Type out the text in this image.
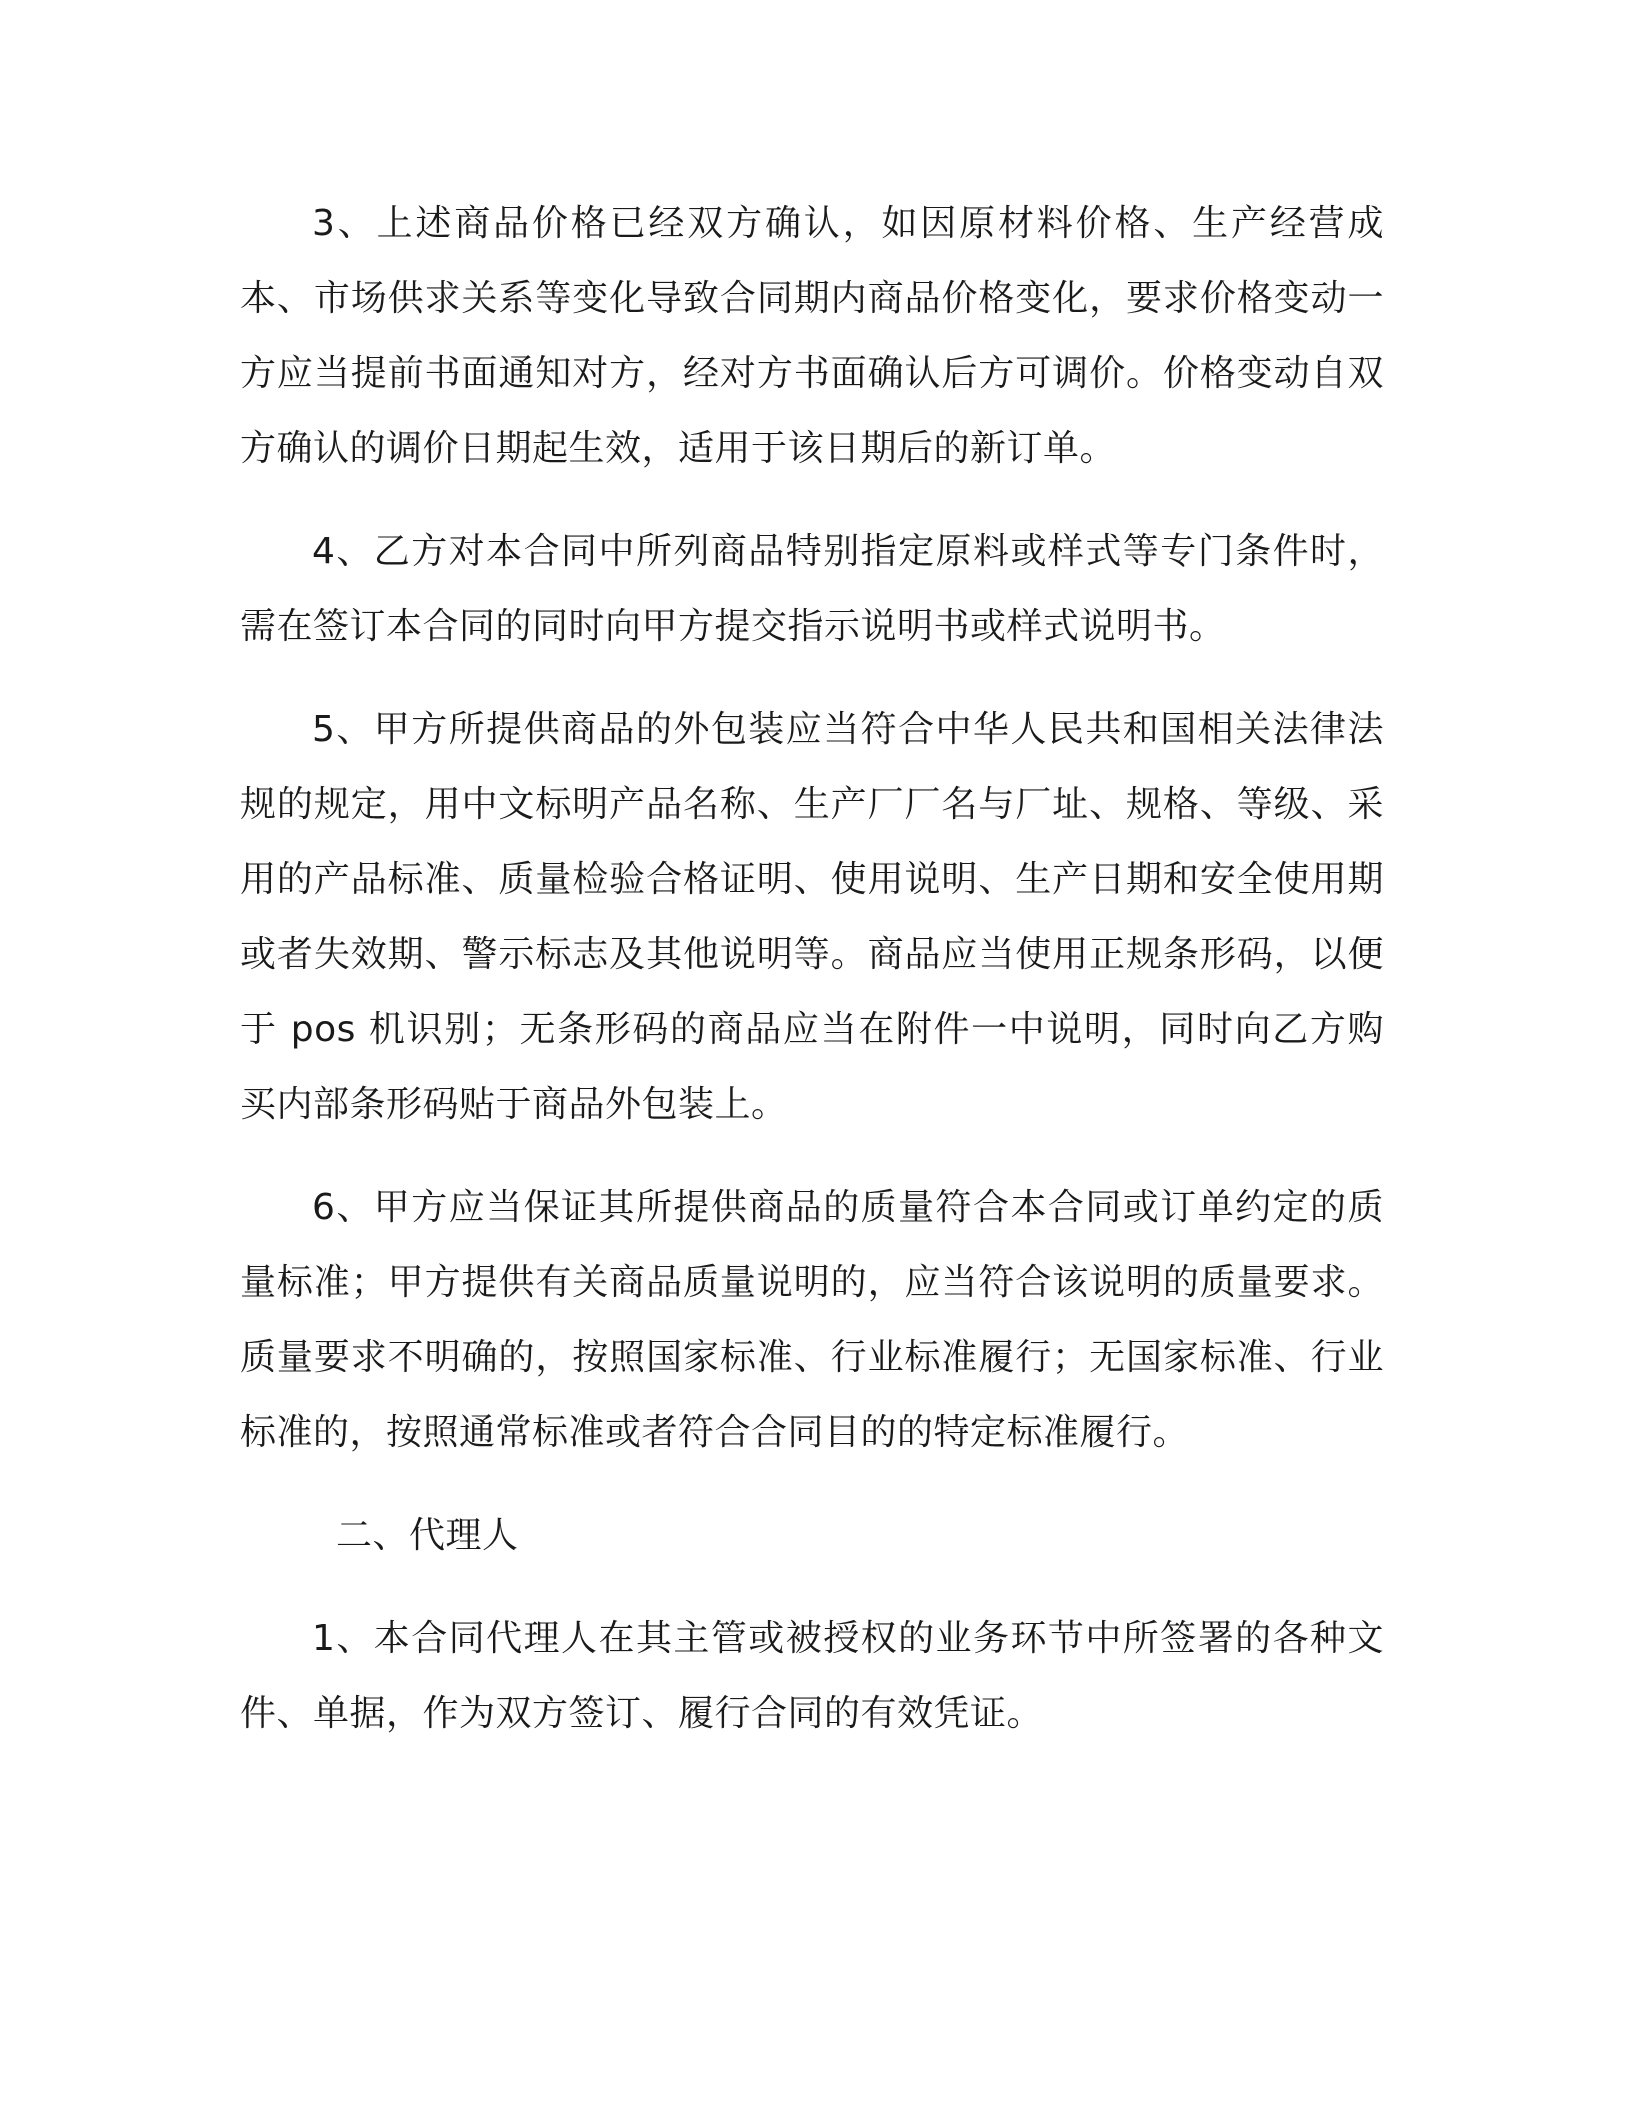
3、上述商品价格已经双方确认，如因原材料价格、生产经营成本、市场供求关系等变化导致合同期内商品价格变化，要求价格变动一方应当提前书面通知对方，经对方书面确认后方可调价。价格变动自双方确认的调价日期起生效，适用于该日期后的新订单。

4、乙方对本合同中所列商品特别指定原料或样式等专门条件时，需在签订本合同的同时向甲方提交指示说明书或样式说明书。

5、甲方所提供商品的外包装应当符合中华人民共和国相关法律法规的规定，用中文标明产品名称、生产厂厂名与厂址、规格、等级、采用的产品标准、质量检验合格证明、使用说明、生产日期和安全使用期或者失效期、警示标志及其他说明等。商品应当使用正规条形码，以便于 pos 机识别；无条形码的商品应当在附件一中说明，同时向乙方购买内部条形码贴于商品外包装上。

6、甲方应当保证其所提供商品的质量符合本合同或订单约定的质量标准；甲方提供有关商品质量说明的，应当符合该说明的质量要求。质量要求不明确的，按照国家标准、行业标准履行；无国家标准、行业标准的，按照通常标准或者符合合同目的的特定标准履行。

二、代理人

1、本合同代理人在其主管或被授权的业务环节中所签署的各种文件、单据，作为双方签订、履行合同的有效凭证。
